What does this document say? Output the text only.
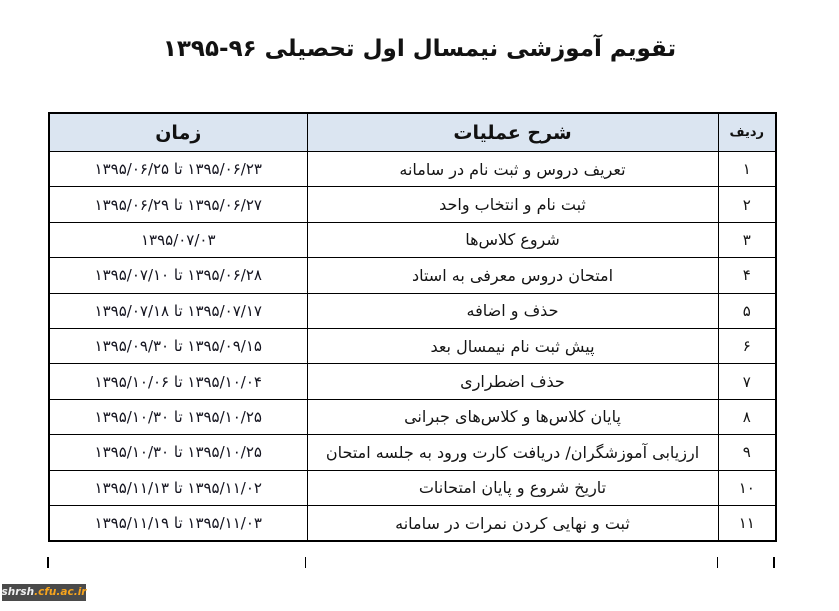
تقویم آموزشی نیمسال اول تحصیلی ۹۶-۱۳۹۵
ردیف	شرح عملیات	زمان
۱	تعریف دروس و ثبت نام در سامانه	۱۳۹۵/۰۶/۲۳ تا ۱۳۹۵/۰۶/۲۵
۲	ثبت نام و انتخاب واحد	۱۳۹۵/۰۶/۲۷ تا ۱۳۹۵/۰۶/۲۹
۳	شروع کلاس‌ها	۱۳۹۵/۰۷/۰۳
۴	امتحان دروس معرفی به استاد	۱۳۹۵/۰۶/۲۸ تا ۱۳۹۵/۰۷/۱۰
۵	حذف و اضافه	۱۳۹۵/۰۷/۱۷ تا ۱۳۹۵/۰۷/۱۸
۶	پیش ثبت نام نیمسال بعد	۱۳۹۵/۰۹/۱۵ تا ۱۳۹۵/۰۹/۳۰
۷	حذف اضطراری	۱۳۹۵/۱۰/۰۴ تا ۱۳۹۵/۱۰/۰۶
۸	پایان کلاس‌ها و کلاس‌های جبرانی	۱۳۹۵/۱۰/۲۵ تا ۱۳۹۵/۱۰/۳۰
۹	ارزیابی آموزشگران/ دریافت کارت ورود به جلسه امتحان	۱۳۹۵/۱۰/۲۵ تا ۱۳۹۵/۱۰/۳۰
۱۰	تاریخ شروع و پایان امتحانات	۱۳۹۵/۱۱/۰۲ تا ۱۳۹۵/۱۱/۱۳
۱۱	ثبت و نهایی کردن نمرات در سامانه	۱۳۹۵/۱۱/۰۳ تا ۱۳۹۵/۱۱/۱۹
shrsh .cfu.ac.ir
